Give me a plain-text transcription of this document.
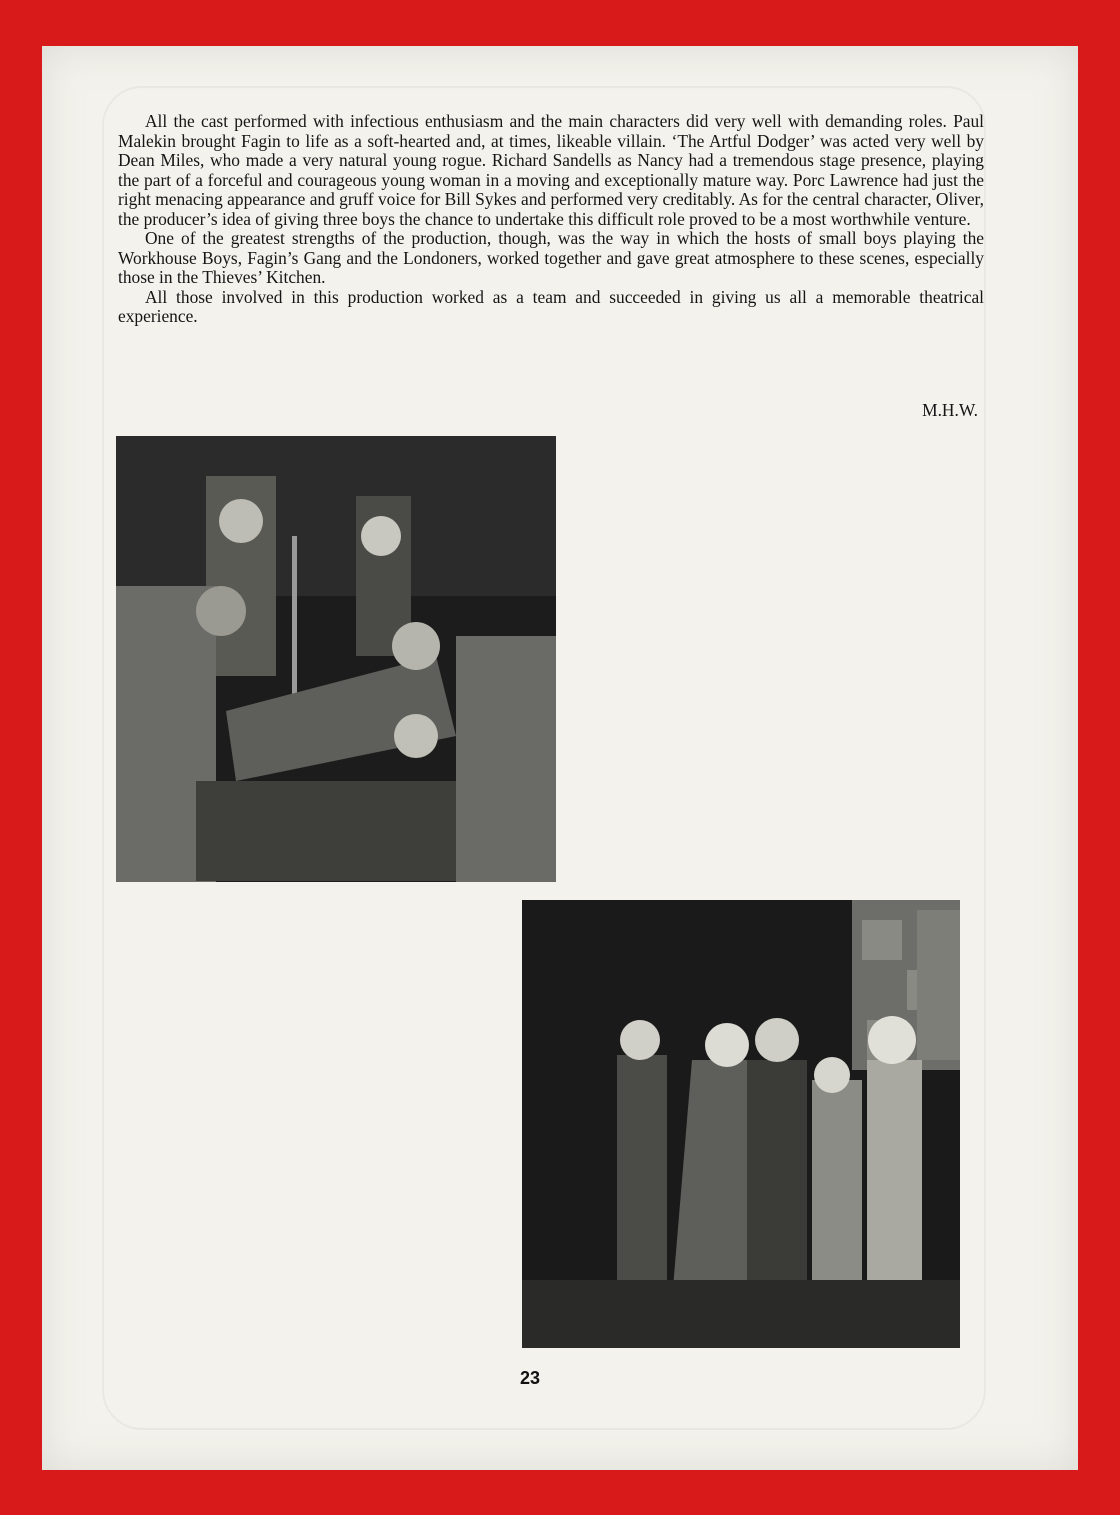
All the cast performed with infectious enthusiasm and the main characters did very well with demanding roles. Paul Malekin brought Fagin to life as a soft-hearted and, at times, likeable villain. ‘The Artful Dodger’ was acted very well by Dean Miles, who made a very natural young rogue. Richard Sandells as Nancy had a tremendous stage presence, playing the part of a forceful and courageous young woman in a moving and exceptionally mature way. Porc Lawrence had just the right menacing appearance and gruff voice for Bill Sykes and performed very creditably. As for the central character, Oliver, the producer’s idea of giving three boys the chance to undertake this difficult role proved to be a most worthwhile venture.

One of the greatest strengths of the production, though, was the way in which the hosts of small boys playing the Workhouse Boys, Fagin’s Gang and the Londoners, worked together and gave great atmosphere to these scenes, especially those in the Thieves’ Kitchen.

All those involved in this production worked as a team and succeeded in giving us all a memorable theatrical experience.

M.H.W.
23
